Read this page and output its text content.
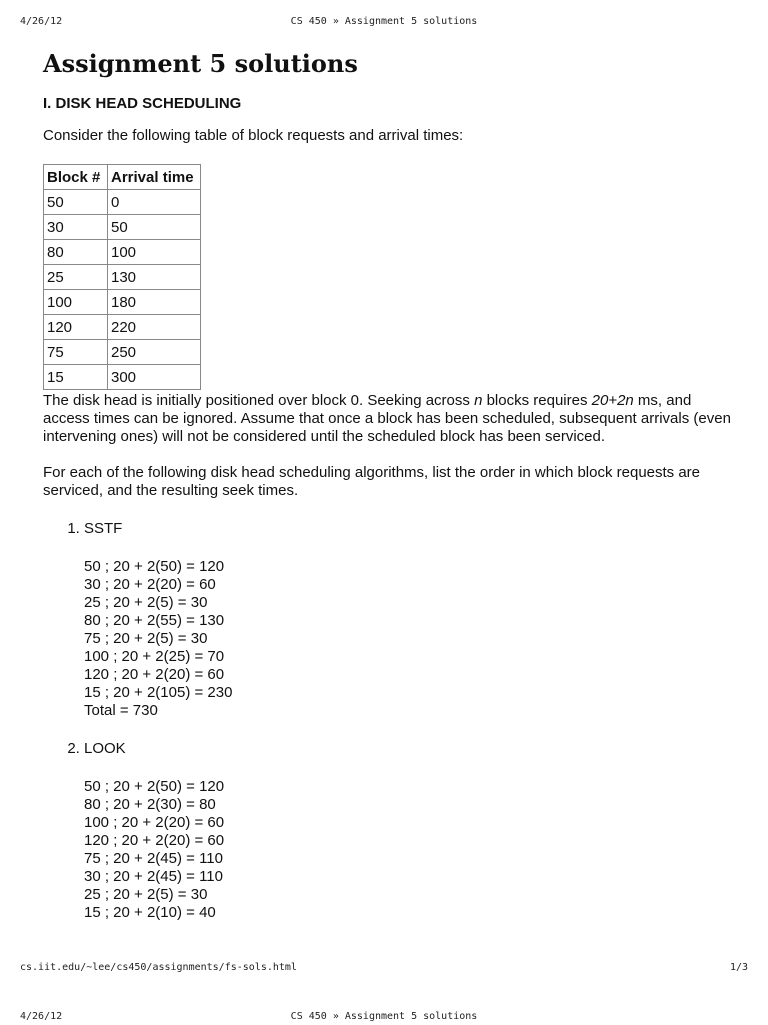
4/26/12	CS 450 » Assignment 5 solutions
Assignment 5 solutions
I. DISK HEAD SCHEDULING

Consider the following table of block requests and arrival times:

Block #	Arrival time
50	0
30	50
80	100
25	130
100	180
120	220
75	250
15	300

The disk head is initially positioned over block 0. Seeking across n blocks requires 20+2n ms, and access times can be ignored. Assume that once a block has been scheduled, subsequent arrivals (even intervening ones) will not be considered until the scheduled block has been serviced.

For each of the following disk head scheduling algorithms, list the order in which block requests are serviced, and the resulting seek times.

1. SSTF
50 ; 20 + 2(50) = 120
30 ; 20 + 2(20) = 60
25 ; 20 + 2(5) = 30
80 ; 20 + 2(55) = 130
75 ; 20 + 2(5) = 30
100 ; 20 + 2(25) = 70
120 ; 20 + 2(20) = 60
15 ; 20 + 2(105) = 230
Total = 730
2. LOOK
50 ; 20 + 2(50) = 120
80 ; 20 + 2(30) = 80
100 ; 20 + 2(20) = 60
120 ; 20 + 2(20) = 60
75 ; 20 + 2(45) = 110
30 ; 20 + 2(45) = 110
25 ; 20 + 2(5) = 30
15 ; 20 + 2(10) = 40
cs.iit.edu/~lee/cs450/assignments/fs-sols.html	1/3
4/26/12	CS 450 » Assignment 5 solutions
